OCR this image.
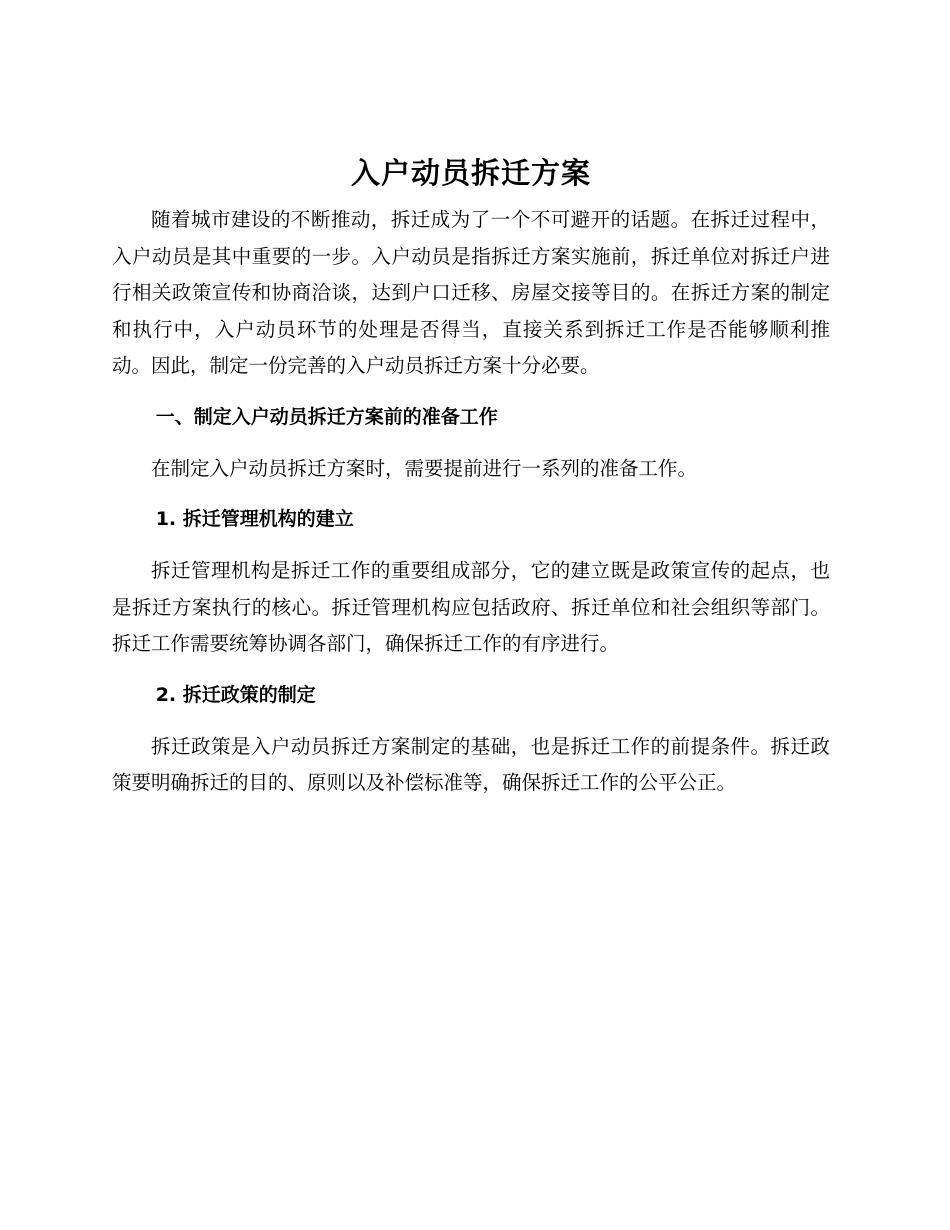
入户动员拆迁方案

随着城市建设的不断推动，拆迁成为了一个不可避开的话题。在拆迁过程中，入户动员是其中重要的一步。入户动员是指拆迁方案实施前，拆迁单位对拆迁户进行相关政策宣传和协商洽谈，达到户口迁移、房屋交接等目的。在拆迁方案的制定和执行中，入户动员环节的处理是否得当，直接关系到拆迁工作是否能够顺利推动。因此，制定一份完善的入户动员拆迁方案十分必要。

一、制定入户动员拆迁方案前的准备工作

在制定入户动员拆迁方案时，需要提前进行一系列的准备工作。

1. 拆迁管理机构的建立

拆迁管理机构是拆迁工作的重要组成部分，它的建立既是政策宣传的起点，也是拆迁方案执行的核心。拆迁管理机构应包括政府、拆迁单位和社会组织等部门。拆迁工作需要统筹协调各部门，确保拆迁工作的有序进行。

2. 拆迁政策的制定

拆迁政策是入户动员拆迁方案制定的基础，也是拆迁工作的前提条件。拆迁政策要明确拆迁的目的、原则以及补偿标准等，确保拆迁工作的公平公正。
